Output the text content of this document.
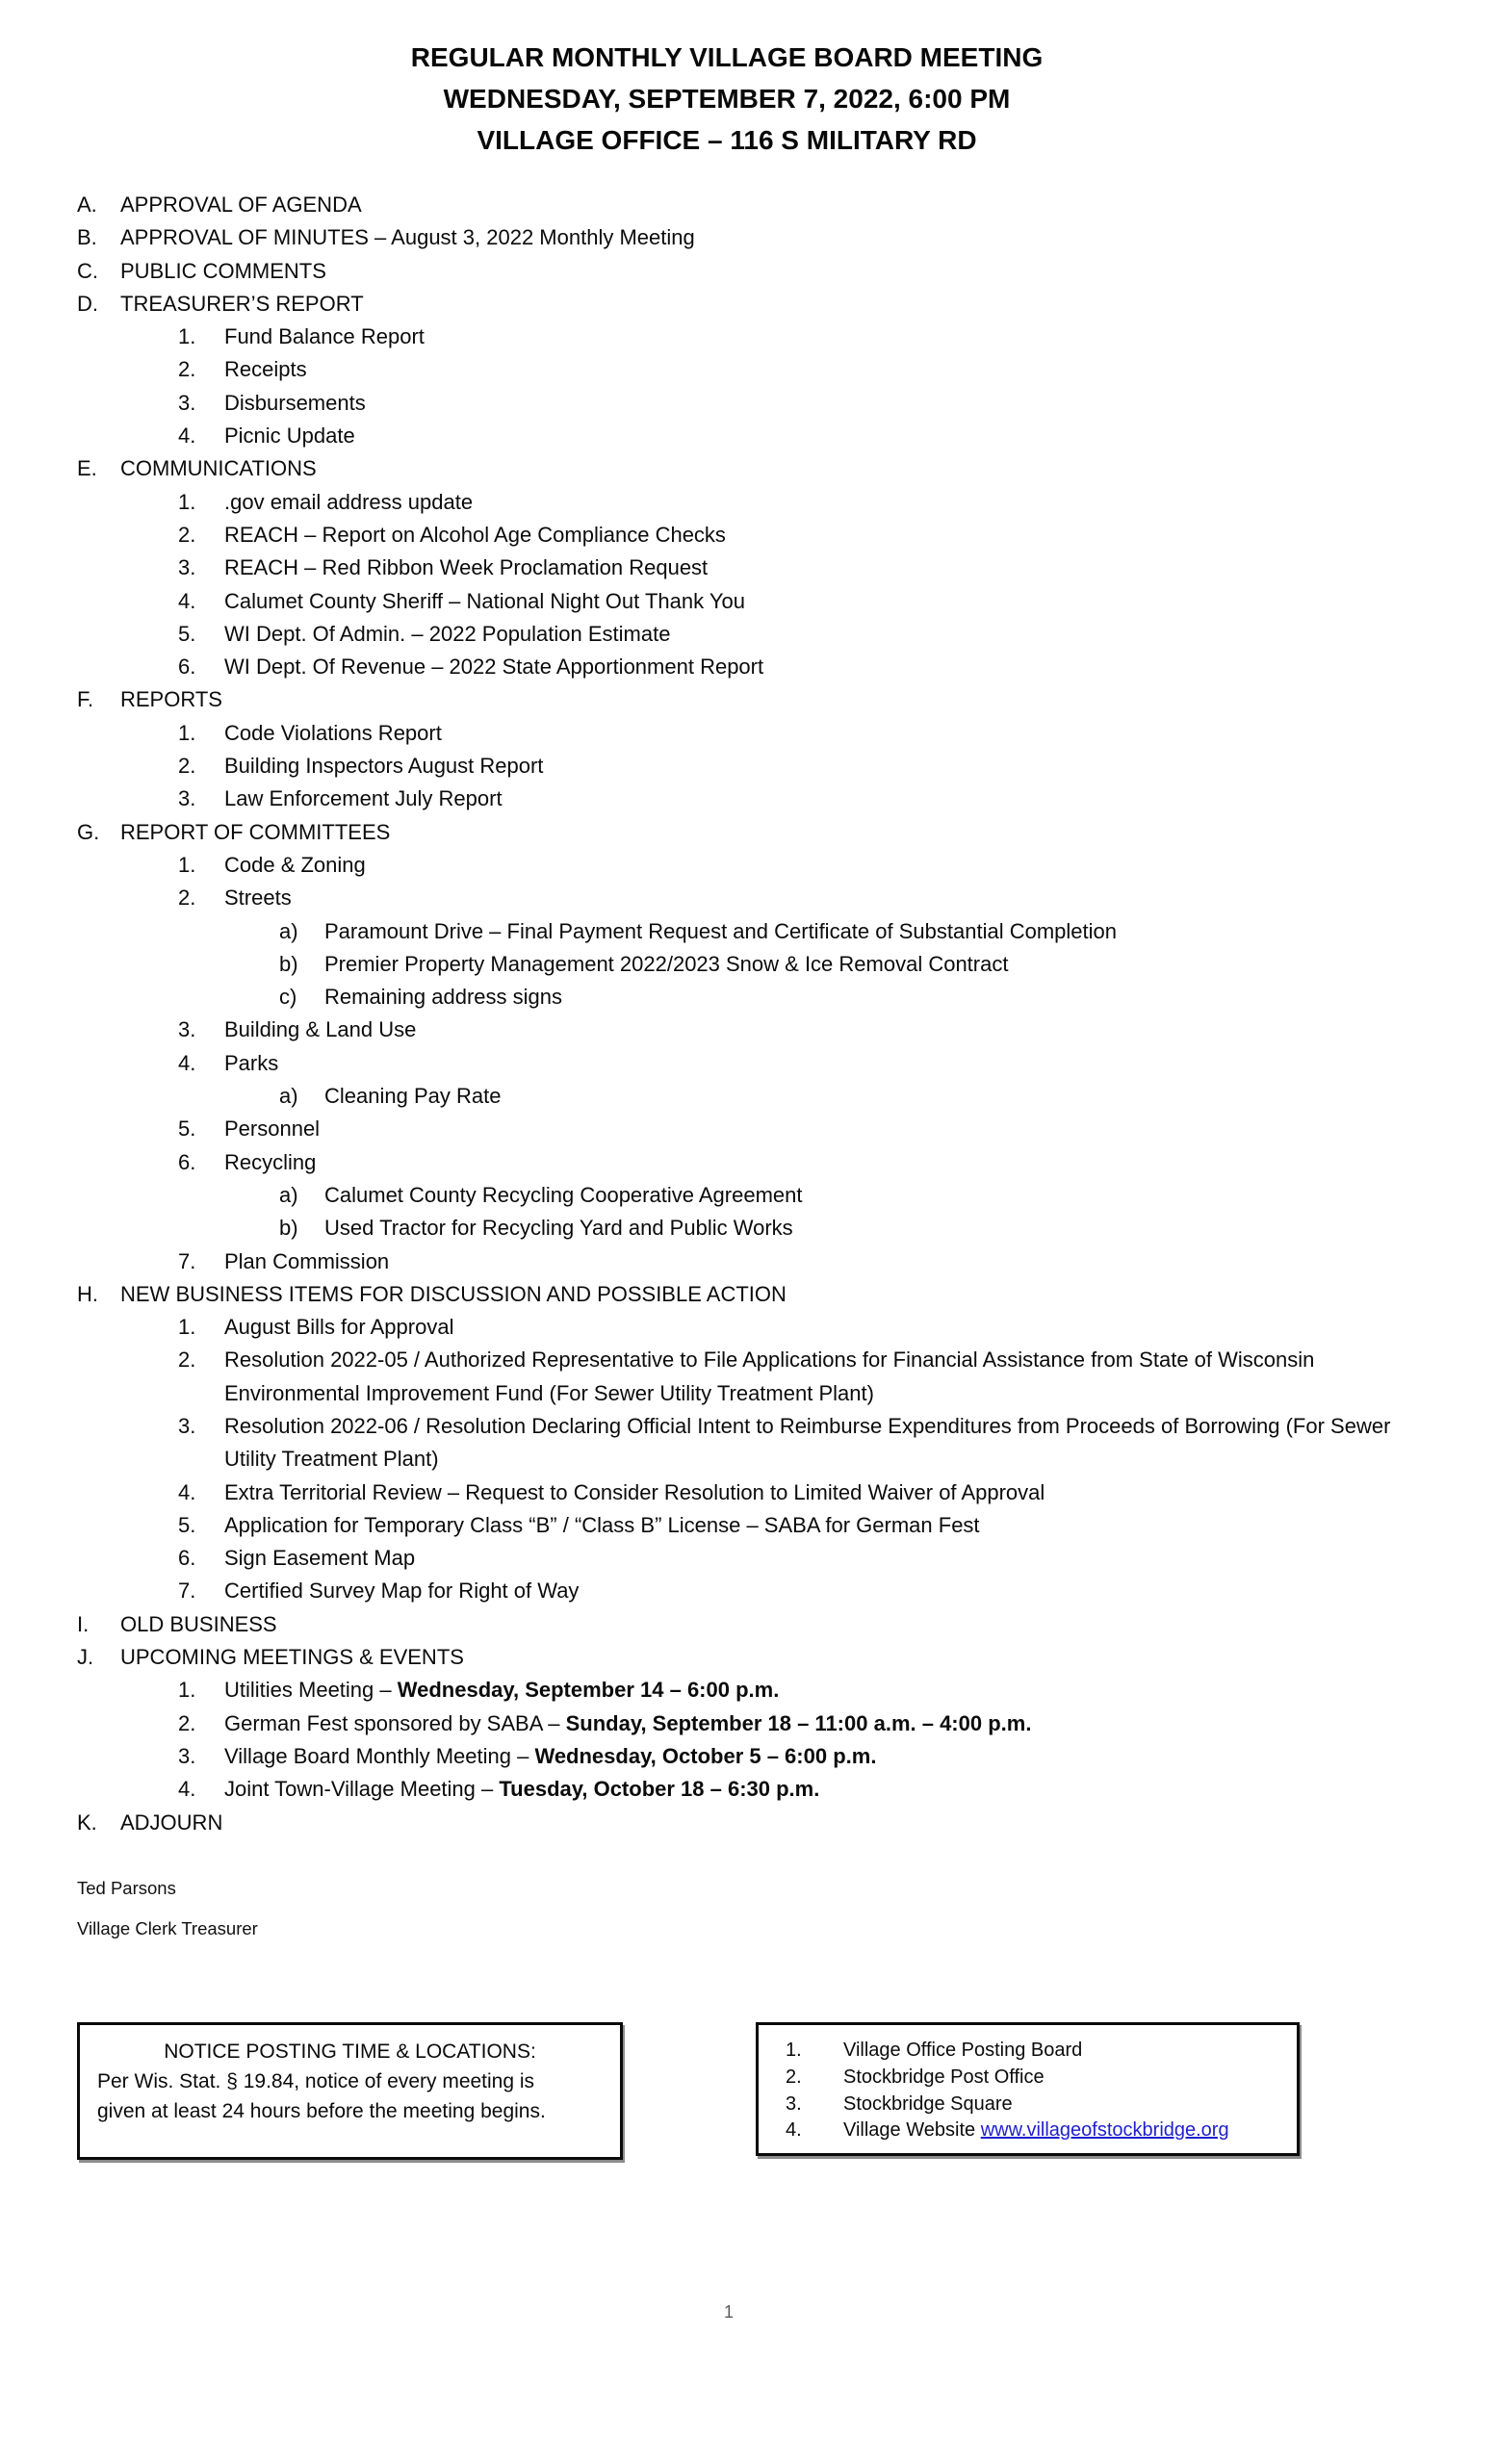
REGULAR MONTHLY VILLAGE BOARD MEETING
WEDNESDAY, SEPTEMBER 7, 2022, 6:00 PM
VILLAGE OFFICE – 116 S MILITARY RD
A.	APPROVAL OF AGENDA
B.	APPROVAL OF MINUTES – August 3, 2022 Monthly Meeting
C.	PUBLIC COMMENTS
D.	TREASURER’S REPORT
1.	Fund Balance Report
2.	Receipts
3.	Disbursements
4.	Picnic Update
E.	COMMUNICATIONS
1.	.gov email address update
2.	REACH – Report on Alcohol Age Compliance Checks
3.	REACH – Red Ribbon Week Proclamation Request
4.	Calumet County Sheriff – National Night Out Thank You
5.	WI Dept. Of Admin. – 2022 Population Estimate
6.	WI Dept. Of Revenue – 2022 State Apportionment Report
F.	REPORTS
1.	Code Violations Report
2.	Building Inspectors August Report
3.	Law Enforcement July Report
G. REPORT OF COMMITTEES
1.	Code & Zoning
2.	Streets
a)	Paramount Drive – Final Payment Request and Certificate of Substantial Completion
b)	Premier Property Management 2022/2023 Snow & Ice Removal Contract
c)	Remaining address signs
3.	Building & Land Use
4.	Parks
a)	Cleaning Pay Rate
5.	Personnel
6.	Recycling
a)	Calumet County Recycling Cooperative Agreement
b)	Used Tractor for Recycling Yard and Public Works
7.	Plan Commission
H.	NEW BUSINESS ITEMS FOR DISCUSSION AND POSSIBLE ACTION
1.	August Bills for Approval
2.	Resolution 2022-05 / Authorized Representative to File Applications for Financial Assistance from State of Wisconsin Environmental Improvement Fund (For Sewer Utility Treatment Plant)
3.	Resolution 2022-06 / Resolution Declaring Official Intent to Reimburse Expenditures from Proceeds of Borrowing (For Sewer Utility Treatment Plant)
4.	Extra Territorial Review – Request to Consider Resolution to Limited Waiver of Approval
5.	Application for Temporary Class “B” / “Class B” License – SABA for German Fest
6.	Sign Easement Map
7.	Certified Survey Map for Right of Way
I.	OLD BUSINESS
J.	UPCOMING MEETINGS & EVENTS
1.	Utilities Meeting – Wednesday, September 14 – 6:00 p.m.
2.	German Fest sponsored by SABA – Sunday, September 18 – 11:00 a.m. – 4:00 p.m.
3.	Village Board Monthly Meeting – Wednesday, October 5 – 6:00 p.m.
4.	Joint Town-Village Meeting – Tuesday, October 18 – 6:30 p.m.
K.	ADJOURN
Ted Parsons
Village Clerk Treasurer
NOTICE POSTING TIME & LOCATIONS:
Per Wis. Stat. § 19.84, notice of every meeting is
given at least 24 hours before the meeting begins.
1.	Village Office Posting Board
2.	Stockbridge Post Office
3.	Stockbridge Square
4.	Village Website www.villageofstockbridge.org
1
